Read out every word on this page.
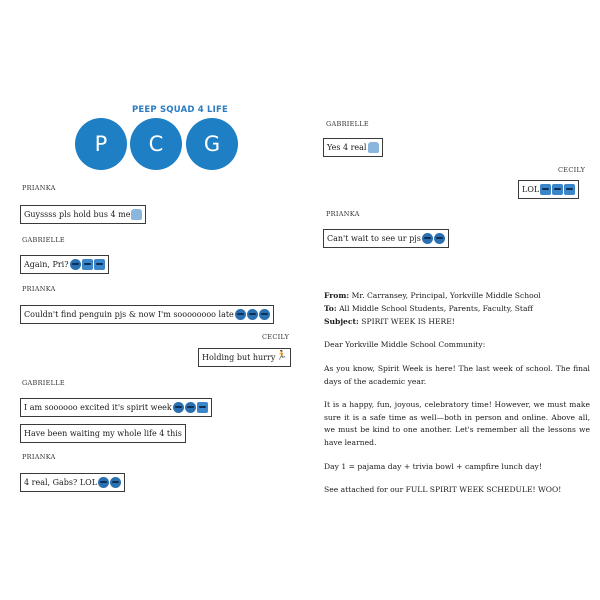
PEEP SQUAD 4 LIFE
P	C	G
PRIANKA
Guyssss pls hold bus 4 me
GABRIELLE
Again, Pri?
PRIANKA
Couldn't find penguin pjs & now I'm soooooooo late
CECILY
Holding but hurry
🏃
GABRIELLE
I am soooooo excited it's spirit week
Have been waiting my whole life 4 this
PRIANKA
4 real, Gabs? LOL
GABRIELLE
Yes 4 real
CECILY
LOL
PRIANKA
Can't wait to see ur pjs

From: Mr. Carransey, Principal, Yorkville Middle School

To: All Middle School Students, Parents, Faculty, Staff

Subject: SPIRIT WEEK IS HERE!

Dear Yorkville Middle School Community:

As you know, Spirit Week is here! The last week of school. The final days of the academic year.

It is a happy, fun, joyous, celebratory time! However, we must make sure it is a safe time as well—both in person and online. Above all, we must be kind to one another. Let's remember all the lessons we have learned.

Day 1 = pajama day + trivia bowl + campfire lunch day!

See attached for our FULL SPIRIT WEEK SCHEDULE! WOO!
